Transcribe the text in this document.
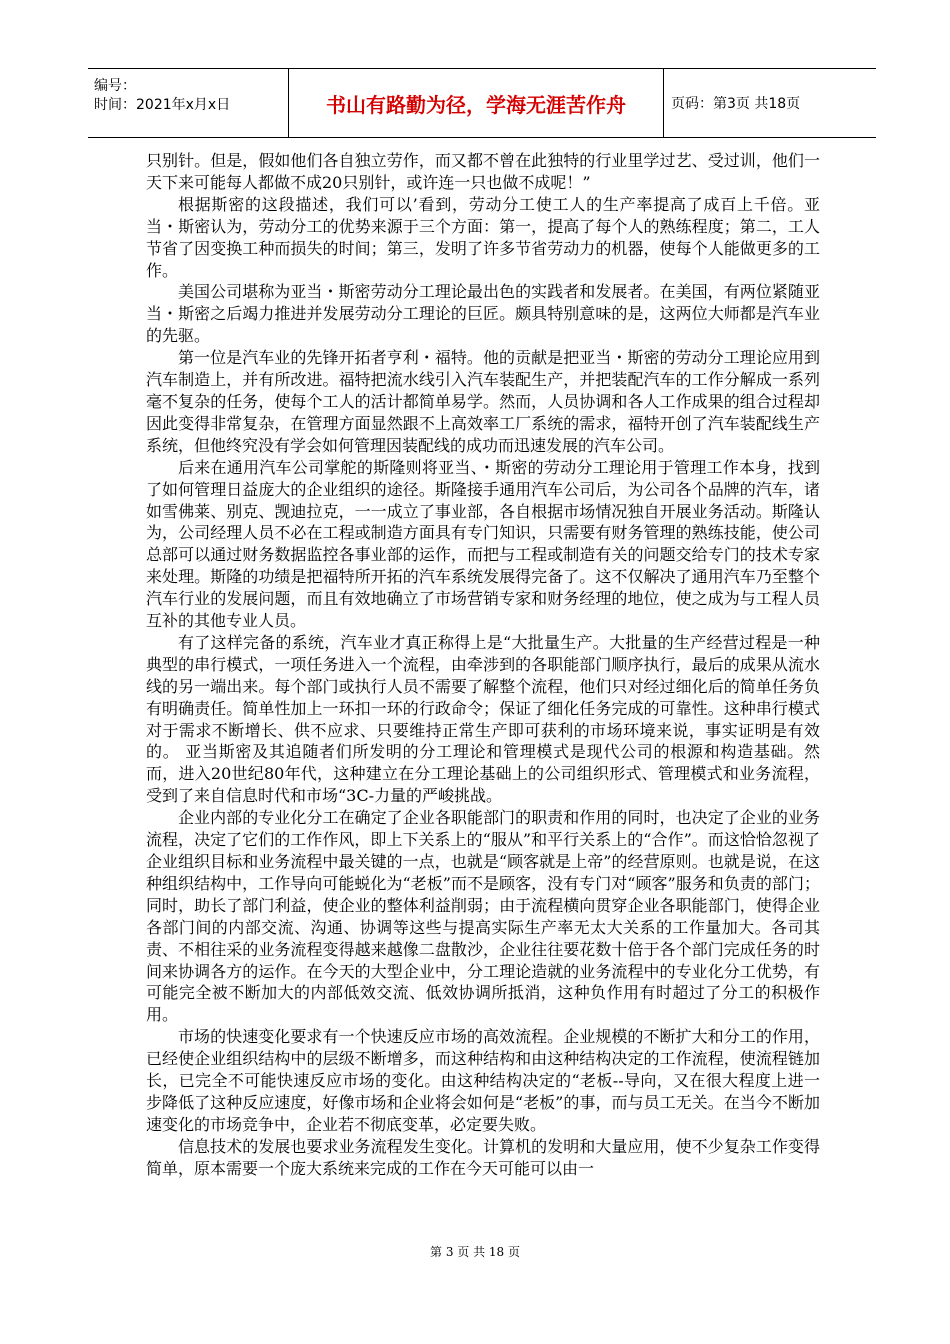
编号：
时间：2021年x月x日	书山有路勤为径，学海无涯苦作舟	页码：第3页 共18页

只别针。但是，假如他们各自独立劳作，而又都不曾在此独特的行业里学过艺、受过训，他们一天下来可能每人都做不成20只别针，或许连一只也做不成呢！”

根据斯密的这段描述，我们可以’看到，劳动分工使工人的生产率提高了成百上千倍。亚当・斯密认为，劳动分工的优势来源于三个方面：第一，提高了每个人的熟练程度；第二，工人节省了因变换工种而损失的时间；第三，发明了许多节省劳动力的机器，使每个人能做更多的工作。

美国公司堪称为亚当・斯密劳动分工理论最出色的实践者和发展者。在美国，有两位紧随亚当・斯密之后竭力推进并发展劳动分工理论的巨匠。颇具特别意味的是，这两位大师都是汽车业的先驱。

第一位是汽车业的先锋开拓者亨利・福特。他的贡献是把亚当・斯密的劳动分工理论应用到汽车制造上，并有所改进。福特把流水线引入汽车装配生产，并把装配汽车的工作分解成一系列毫不复杂的任务，使每个工人的活计都简单易学。然而，人员协调和各人工作成果的组合过程却因此变得非常复杂，在管理方面显然跟不上高效率工厂系统的需求，福特开创了汽车装配线生产系统，但他终究没有学会如何管理因装配线的成功而迅速发展的汽车公司。

后来在通用汽车公司掌舵的斯隆则将亚当、・斯密的劳动分工理论用于管理工作本身，找到了如何管理日益庞大的企业组织的途径。斯隆接手通用汽车公司后，为公司各个品牌的汽车，诸如雪佛莱、别克、觊迪拉克，一一成立了事业部，各自根据市场情况独自开展业务活动。斯隆认为，公司经理人员不必在工程或制造方面具有专门知识，只需要有财务管理的熟练技能，使公司总部可以通过财务数据监控各事业部的运作，而把与工程或制造有关的问题交给专门的技术专家来处理。斯隆的功绩是把福特所开拓的汽车系统发展得完备了。这不仅解决了通用汽车乃至整个汽车行业的发展问题，而且有效地确立了市场营销专家和财务经理的地位，使之成为与工程人员互补的其他专业人员。

有了这样完备的系统，汽车业才真正称得上是“大批量生产。大批量的生产经营过程是一种典型的串行模式，一项任务进入一个流程，由牵涉到的各职能部门顺序执行，最后的成果从流水线的另一端出来。每个部门或执行人员不需要了解整个流程，他们只对经过细化后的简单任务负有明确责任。简单性加上一环扣一环的行政命令；保证了细化任务完成的可靠性。这种串行模式对于需求不断增长、供不应求、只要维持正常生产即可获利的市场环境来说，事实证明是有效的。 亚当斯密及其追随者们所发明的分工理论和管理模式是现代公司的根源和构造基础。然而，进入20世纪80年代，这种建立在分工理论基础上的公司组织形式、管理模式和业务流程，受到了来自信息时代和市场“3C-力量的严峻挑战。

企业内部的专业化分工在确定了企业各职能部门的职责和作用的同时，也决定了企业的业务流程，决定了它们的工作作风，即上下关系上的“服从”和平行关系上的“合作”。而这恰恰忽视了企业组织目标和业务流程中最关键的一点，也就是“顾客就是上帝”的经营原则。也就是说，在这种组织结构中，工作导向可能蜕化为“老板”而不是顾客，没有专门对“顾客”服务和负责的部门；同时，助长了部门利益，使企业的整体利益削弱；由于流程横向贯穿企业各职能部门，使得企业各部门间的内部交流、沟通、协调等这些与提高实际生产率无太大关系的工作量加大。各司其责、不相往采的业务流程变得越来越像二盘散沙，企业往往要花数十倍于各个部门完成任务的时间来协调各方的运作。在今天的大型企业中，分工理论造就的业务流程中的专业化分工优势，有可能完全被不断加大的内部低效交流、低效协调所抵消，这种负作用有时超过了分工的积极作用。

市场的快速变化要求有一个快速反应市场的高效流程。企业规模的不断扩大和分工的作用，已经使企业组织结构中的层级不断增多，而这种结构和由这种结构决定的工作流程，使流程链加长，已完全不可能快速反应市场的变化。由这种结构决定的“老板--导向，又在很大程度上进一步降低了这种反应速度，好像市场和企业将会如何是“老板”的事，而与员工无关。在当今不断加速变化的市场竞争中，企业若不彻底变革，必定要失败。

信息技术的发展也要求业务流程发生变化。计算机的发明和大量应用，使不少复杂工作变得简单，原本需要一个庞大系统来完成的工作在今天可能可以由一

第 3 页 共 18 页
